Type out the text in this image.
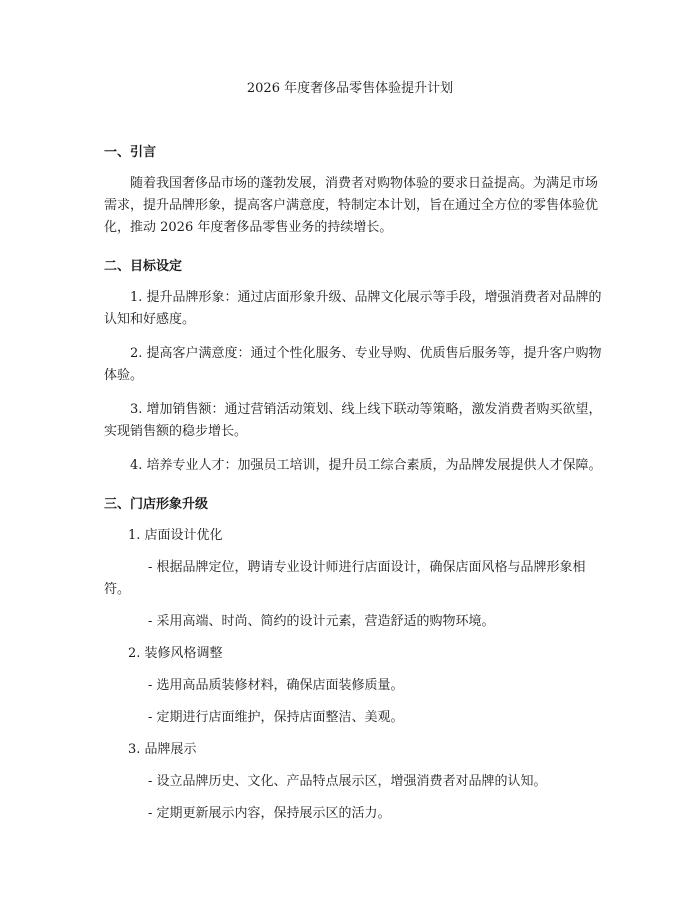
2026 年度奢侈品零售体验提升计划
一、引言

随着我国奢侈品市场的蓬勃发展，消费者对购物体验的要求日益提高。为满足市场需求，提升品牌形象，提高客户满意度，特制定本计划，旨在通过全方位的零售体验优化，推动 2026 年度奢侈品零售业务的持续增长。

二、目标设定

1. 提升品牌形象：通过店面形象升级、品牌文化展示等手段，增强消费者对品牌的认知和好感度。

2. 提高客户满意度：通过个性化服务、专业导购、优质售后服务等，提升客户购物体验。

3. 增加销售额：通过营销活动策划、线上线下联动等策略，激发消费者购买欲望，实现销售额的稳步增长。

4. 培养专业人才：加强员工培训，提升员工综合素质，为品牌发展提供人才保障。

三、门店形象升级

1. 店面设计优化

- 根据品牌定位，聘请专业设计师进行店面设计，确保店面风格与品牌形象相符。

- 采用高端、时尚、简约的设计元素，营造舒适的购物环境。

2. 装修风格调整

- 选用高品质装修材料，确保店面装修质量。

- 定期进行店面维护，保持店面整洁、美观。

3. 品牌展示

- 设立品牌历史、文化、产品特点展示区，增强消费者对品牌的认知。

- 定期更新展示内容，保持展示区的活力。
